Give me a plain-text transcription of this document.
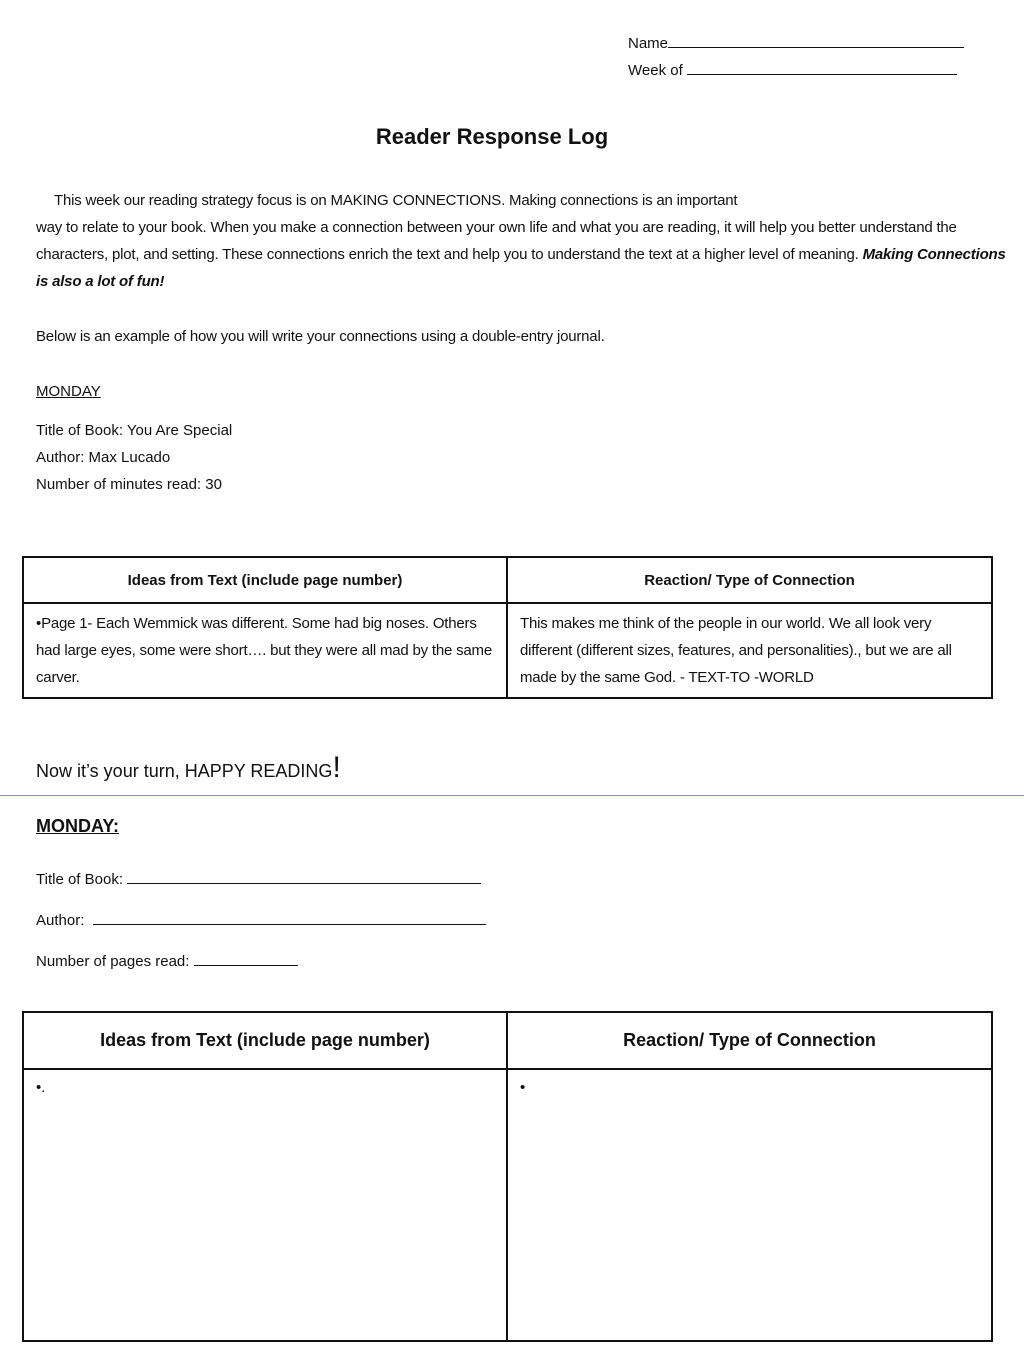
Name
Week of
Reader Response Log
This week our reading strategy focus is on MAKING CONNECTIONS. Making connections is an important
way to relate to your book. When you make a connection between your own life and what you are reading, it will help you better understand the characters, plot, and setting. These connections enrich the text and help you to understand the text at a higher level of meaning. Making Connections is also a lot of fun!
Below is an example of how you will write your connections using a double-entry journal.
MONDAY
Title of Book: You Are Special
Author: Max Lucado
Number of minutes read: 30
Ideas from Text (include page number)	Reaction/ Type of Connection

•Page 1- Each Wemmick was different. Some had big noses. Others had large eyes, some were short…. but they were all mad by the same carver.	This makes me think of the people in our world. We all look very different (different sizes, features, and personalities)., but we are all made by the same God. - TEXT-TO -WORLD
Now it’s your turn, HAPPY READING!
MONDAY:
Title of Book:
Author:
Number of pages read:
Ideas from Text (include page number)	Reaction/ Type of Connection

•.	•
